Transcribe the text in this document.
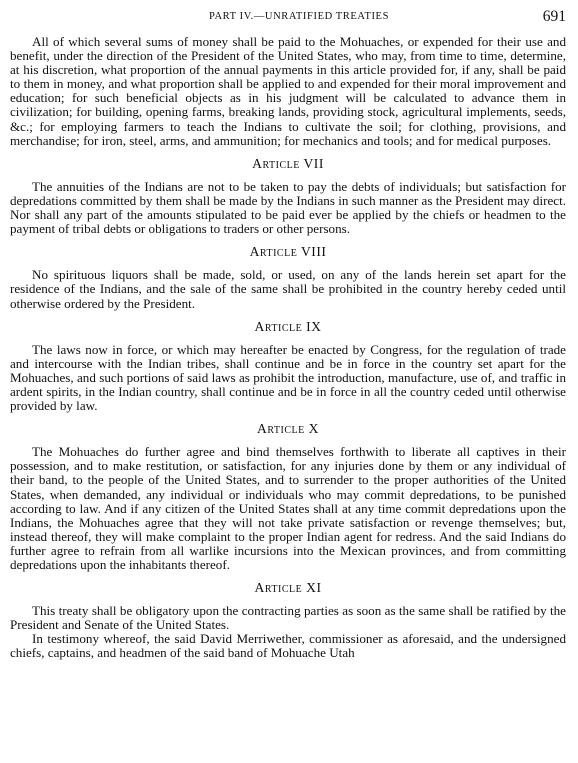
PART IV.—UNRATIFIED TREATIES	691

All of which several sums of money shall be paid to the Mohuaches, or expended for their use and benefit, under the direction of the President of the United States, who may, from time to time, determine, at his discretion, what proportion of the annual payments in this article provided for, if any, shall be paid to them in money, and what proportion shall be applied to and expended for their moral improvement and education; for such beneficial objects as in his judgment will be calculated to advance them in civilization; for building, opening farms, breaking lands, providing stock, agricultural implements, seeds, &c.; for employing farmers to teach the Indians to cultivate the soil; for clothing, provisions, and merchandise; for iron, steel, arms, and ammunition; for mechanics and tools; and for medical purposes.

Article VII

The annuities of the Indians are not to be taken to pay the debts of individuals; but satisfaction for depredations committed by them shall be made by the Indians in such manner as the President may direct. Nor shall any part of the amounts stipulated to be paid ever be applied by the chiefs or headmen to the payment of tribal debts or obligations to traders or other persons.

Article VIII

No spirituous liquors shall be made, sold, or used, on any of the lands herein set apart for the residence of the Indians, and the sale of the same shall be prohibited in the country hereby ceded until otherwise ordered by the President.

Article IX

The laws now in force, or which may hereafter be enacted by Congress, for the regulation of trade and intercourse with the Indian tribes, shall continue and be in force in the country set apart for the Mohuaches, and such portions of said laws as prohibit the introduction, manufacture, use of, and traffic in ardent spirits, in the Indian country, shall continue and be in force in all the country ceded until otherwise provided by law.

Article X

The Mohuaches do further agree and bind themselves forthwith to liberate all captives in their possession, and to make restitution, or satisfaction, for any injuries done by them or any individual of their band, to the people of the United States, and to surrender to the proper authorities of the United States, when demanded, any individual or individuals who may commit depredations, to be punished according to law. And if any citizen of the United States shall at any time commit depredations upon the Indians, the Mohuaches agree that they will not take private satisfaction or revenge themselves; but, instead thereof, they will make complaint to the proper Indian agent for redress. And the said Indians do further agree to refrain from all warlike incursions into the Mexican provinces, and from committing depredations upon the inhabitants thereof.

Article XI

This treaty shall be obligatory upon the contracting parties as soon as the same shall be ratified by the President and Senate of the United States.

In testimony whereof, the said David Merriwether, commissioner as aforesaid, and the undersigned chiefs, captains, and headmen of the said band of Mohuache Utah
